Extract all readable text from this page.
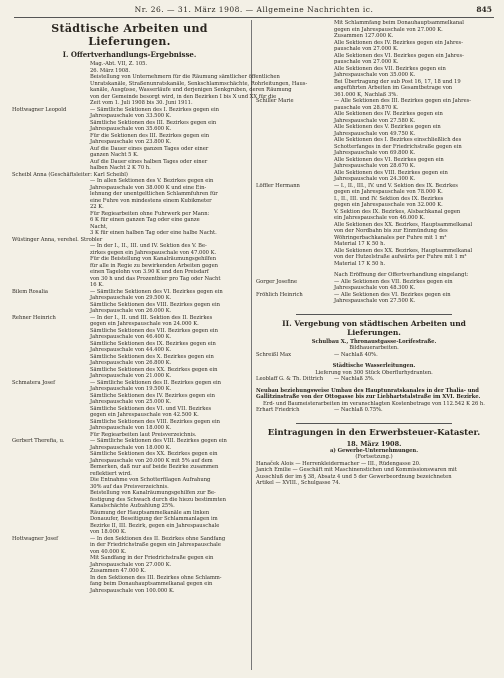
Nr. 26. — 31. März 1908. — Allgemeine Nachrichten ic.	845
Städtische Arbeiten und Lieferungen.
I. Offertverhandlungs-Ergebnisse.
Mag.-Abt. VII, Z. 105.
26. März 1908.
Beistellung von Unternehmern für die Räumung sämtlicher öffentlichen
Unratskanäle, Straßenunratskanäle, Senkschlammschächte, Rohrleitungen, Haus-
kanäle, Ausgüsse, Wasserläufe und derjenigen Senkgruben, deren Räumung
von der Gemeinde besorgt wird, in den Bezirken I bis X und XX für die
Zeit vom 1. Juli 1908 bis 30. Juni 1911.
Hottwagner Leopold	— Sämtliche Sektionen des I. Bezirkes gegen ein
Jahrespauschale von 33.500 K.
Sämtliche Sektionen des III. Bezirkes gegen ein
Jahrespauschale von 35.600 K.
Für die Sektionen des III. Bezirkes gegen ein
Jahrespauschale von 23.800 K.
Auf die Dauer eines ganzen Tages oder einer
ganzen Nacht 5 K.
Auf die Dauer eines halben Tages oder einer
halben Nacht 2 K 70 h.
Scheibl Anna (Geschäftsleiter: Karl Scheibl)
— In allen Sektionen des V. Bezirkes gegen ein
Jahrespauschale von 38.000 K und eine Ein-
lehnung der unentgeltlichen Schlammfuhren für
eine Fuhre von mindestens einem Kubikmeter
22 K.
Für Regiearbeiten ohne Fuhrwerk per Mann:
6 K für einen ganzen Tag oder eine ganze
Nacht,
3 K für einen halben Tag oder eine halbe Nacht.
Wüstinger Anna, verehel. Strobler
— In der I., II., III. und IV. Sektion des V. Be-
zirkes gegen ein Jahrespauschale von 47.000 K.
Für die Beistellung von Kanalräumungsgehilfen
für alle in Regie zu bewirkenden Arbeiten gegen
einen Tagelohn von 3.90 K und den Preisdarf
von 30 h und das Prozentbier pro Tag oder Nacht
16 K.
Bilem Rosalia	— Sämtliche Sektionen des VI. Bezirkes gegen ein
Jahrespauschale von 29.500 K.
Sämtliche Sektionen des VIII. Bezirkes gegen ein
Jahrespauschale von 26.000 K.
Rehner Heinrich	— In der I., II. und III. Sektion des II. Bezirkes
gegen ein Jahrespauschale von 24.000 K.
Sämtliche Sektionen des VII. Bezirkes gegen ein
Jahrespauschale von 46.400 K.
Sämtliche Sektionen des IX. Bezirkes gegen ein
Jahrespauschale von 44.400 K.
Sämtliche Sektionen des X. Bezirkes gegen ein
Jahrespauschale von 26.800 K.
Sämtliche Sektionen des XX. Bezirkes gegen ein
Jahrespauschale von 21.000 K.
Schmatera Josef	— Sämtliche Sektionen des II. Bezirkes gegen ein
Jahrespauschale von 19.500 K.
Sämtliche Sektionen des IV. Bezirkes gegen ein
Jahrespauschale von 25.000 K.
Sämtliche Sektionen des VI. und VII. Bezirkes
gegen ein Jahrespauschale von 42.500 K.
Sämtliche Sektionen des VIII. Bezirkes gegen ein
Jahrespauschale von 18.000 K.
Für Regiearbeiten laut Preisverzeichnis.
Gerbert Therefia, u.	— Sämtliche Sektionen des VIII. Bezirkes gegen ein
Jahrespauschale von 18.000 K.
Sämtliche Sektionen des XX. Bezirkes gegen ein
Jahrespauschale von 20.000 K mit 5% auf dem
Bemerken, daß nur auf beide Bezirke zusammen
reflektiert wird.
Die Entnahme von Schotterfilagen Aufrahung
30% auf das Preisverzeichnis.
Beistellung von Kanalräumungsgehilfen zur Be-
festigung des Schwach durch die hiezu bestimmten
Kanalschächte Aufzahlung 25%.
Räumung der Hauptsammelkanäle am linken
Donauufer, Beseitigung der Schlammanlagen im
Bezirke II, III. Bezirk, gegen ein Jahrespauschale
von 18.000 K.
Hottwagner Josef	— In den Sektionen des II. Bezirkes ohne Sandfang
in der Friedrichstraße gegen ein Jahrespauschale
von 40.000 K.
Mit Sandfang in der Friedrichstraße gegen ein
Jahrespauschale von 27.000 K.
Zusammen 47.000 K.
In den Sektionen des III. Bezirkes ohne Schlamm-
fang beim Donauhauptsammelkanal gegen ein
Jahrespauschale von 100.000 K.
Mit Schlammfang beim Donauhauptsammelkanal
gegen ein Jahrespauschale von 27.000 K.
Zusammen 127.000 K.
Alle Sektionen des IV. Bezirkes gegen ein Jahres-
pauschale von 27.000 K.
Alle Sektionen des VI. Bezirkes gegen ein Jahres-
pauschale von 27.000 K.
Alle Sektionen des VII. Bezirkes gegen ein
Jahrespauschale von 35.000 K.
Bei Übertragung der sub Post 16, 17, 18 und 19
angeführten Arbeiten im Gesamtbetrage von
361.000 K, Nachlaß 3%.
Schiller Marie	— Alle Sektionen des III. Bezirkes gegen ein Jahres-
pauschale von 28.870 K.
Alle Sektionen des IV. Bezirkes gegen ein
Jahrespauschale von 27.580 K.
Alle Sektionen des V. Bezirkes gegen ein
Jahrespauschale von 49.750 K.
Alle Sektionen des I. Bezirkes einschließlich des
Schotterfanges in der Friedrichstraße gegen ein
Jahrespauschale von 69.800 K.
Alle Sektionen des VI. Bezirkes gegen ein
Jahrespauschale von 28.670 K.
Alle Sektionen des VIII. Bezirkes gegen ein
Jahrespauschale von 24.300 K.
Löffler Hermann	— I., II., III., IV. und V. Sektion des IX. Bezirkes
gegen ein Jahrespauschale von 78.000 K.
I., II., III. und IV. Sektion des IX. Bezirkes
gegen ein Jahrespauschale von 32.000 K.
V. Sektion des IX. Bezirkes, Alsbachkanal gegen
ein Jahrespauschale von 46.000 K.
Alle Sektionen des XX. Bezirkes, Hauptsammelkanal
von der Nordbahn bis zur Einmündung des
Wöhringerbachkanales per Fuhre mit 1 m³
Material 17 K 50 h.
Alle Sektionen des XX. Bezirkes, Hauptsammelkanal
von der Hutzelstraße aufwärts per Fuhre mit 1 m³
Material 17 K 50 h.
Nach Eröffnung der Offertverhandlung eingelangt:
Gorger Josefine	— Alle Sektionen des VII. Bezirkes gegen ein
Jahrespauschale von 48.300 K.
Fröhlich Heinrich	— Alle Sektionen des VI. Bezirkes gegen ein
Jahrespauschale von 27.500 K.
II. Vergebung von städtischen Arbeiten und Lieferungen.
Schulbau X., Thronaustgasse-Lorifestraße.
Bildhauerarbeiten.
Schreißl Max	— Nachlaß 40%.
Städtische Wasserleitungen.
Lieferung von 300 Stück Oberflurhydranten.
Leoblaff G. & Th. Dittrich — Nachlaß 3%.
Neubau beziehungsweise Umbau des Hauptunratskanales in der Thalia- und Gallitzinstraße von der Ottogasse bis zur Liebhartstalstraße im XVI. Bezirke.
Erd- und Baumeisterarbeiten im veranschlagten Kostenbetrage von 112.542 K 26 h.
Erhart Friedrich	— Nachlaß 0.75%.
Eintragungen in den Erwerbsteuer-Kataster.
18. März 1908.
a) Gewerbe-Unternehmungen.
(Fortsetzung.)
Hanaček Alois — Herrenkleidermacher — III., Rüdengasse 20.
Janich Emilie — Geschäft mit Maschinenstichen und Kommissionswaren mit
Ausschluß der im § 38, Absatz 4 und 5 der Gewerbeordnung bezeichneten
Artikel — XVIII., Schulgasse 74.
